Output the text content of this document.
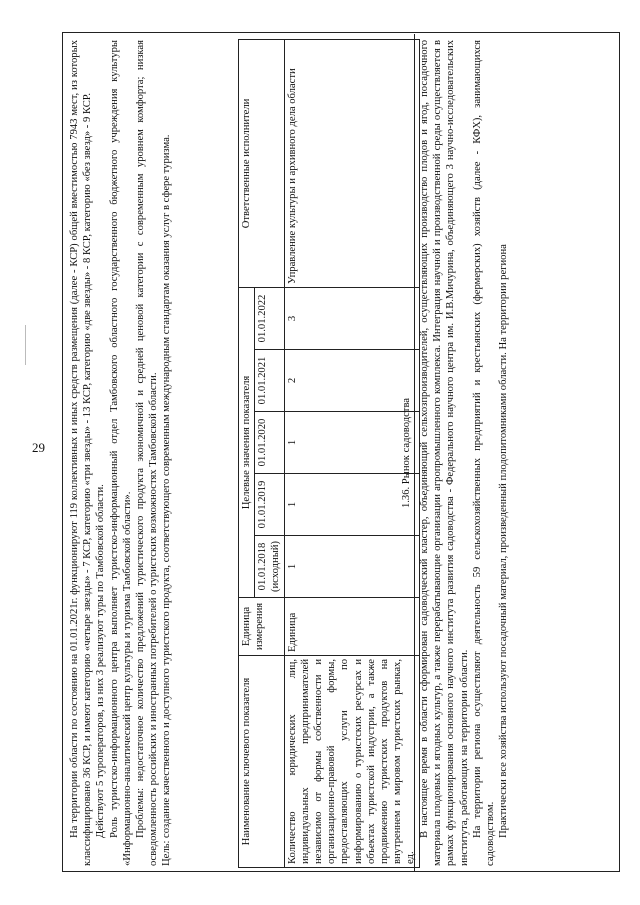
29 На территории области по состоянию на 01.01.2021г. функционируют 119 коллективных и иных средств размещения (далее - КСР) общей вместимостью 7943 мест, из которых классифицировано 36 КСР, и имеют категорию «четыре звезды» - 7 КСР, категорию «три звезды» - 13 КСР, категорию «две звезды» - 8 КСР, категорию «без звезд» - 9 КСР. Действуют 5 туроператоров, из них 3 реализуют туры по Тамбовской области. Роль туристско-информационного центра выполняет туристско-информационный отдел Тамбовского областного государственного бюджетного учреждения культуры «Информационно-аналитический центр культуры и туризма Тамбовской области». Проблемы: недостаточное количество предложений туристического продукта экономичной и средней ценовой категории с современным уровнем комфорта; низкая осведомленность российских и иностранных потребителей о туристских возможностях Тамбовской области. Цель: создание качественного и доступного туристского продукта, соответствующего современным международным стандартам оказания услуг в сфере туризма.	Наименование ключевого показателя	Единица измерения	Целевые значения показателя					Ответственные исполнители
		01.01.2018 (исходный)	01.01.2019	01.01.2020	01.01.2021	01.01.2022	
Количество юридических лиц, индивидуальных предпринимателей независимо от формы собственности и организационно-правовой формы, предоставляющих услуги по информированию о туристских ресурсах и объектах туристской индустрии, а также продвижению туристских продуктов на внутреннем и мировом туристских рынках, ед.	Единица	1	1	1	2	3	Управление культуры и архивного дела области
1.36. Рынок садоводства В настоящее время в области сформирован садоводческий кластер, объединяющий сельхозпроизводителей, осуществляющих производство плодов и ягод, посадочного материала плодовых и ягодных культур, а также перерабатывающие организации агропромышленного комплекса. Интеграция научной и производственной среды осуществляется в рамках функционирования основного научного института развития садоводства - Федерального научного центра им. И.В.Мичурина, объединяющего 3 научно-исследовательских института, работающих на территории области. На территории региона осуществляют деятельность 59 сельскохозяйственных предприятий и крестьянских (фермерских) хозяйств (далее - КФХ), занимающихся садоводством. Практически все хозяйства используют посадочный материал, произведенный плодопитомниками области. На территории региона
